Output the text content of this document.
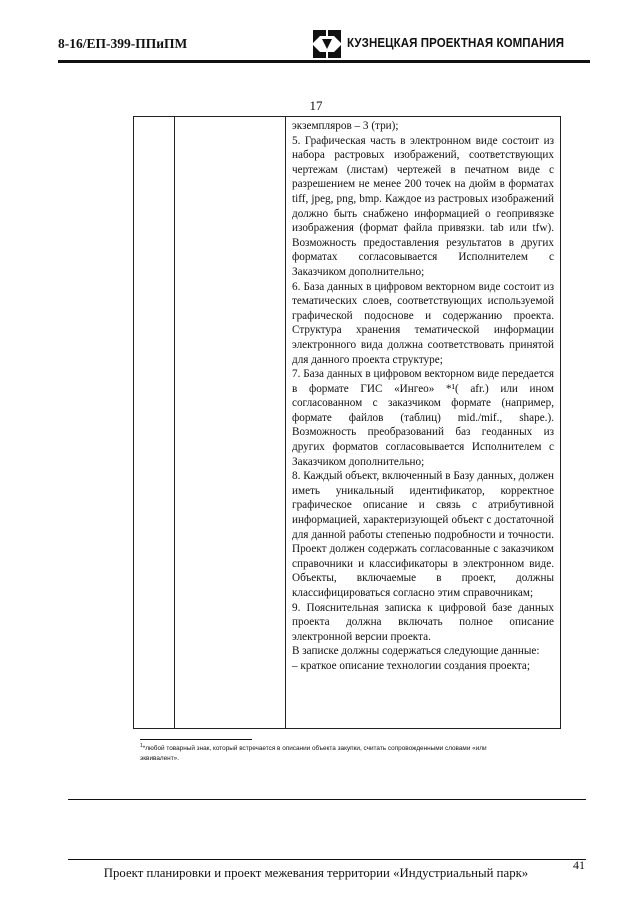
8-16/ЕП-399-ППиПМ	КУЗНЕЦКАЯ ПРОЕКТНАЯ КОМПАНИЯ
17

экземпляров – 3 (три);

5. Графическая часть в электронном виде состоит из набора растровых изображений, соответствующих чертежам (листам) чертежей в печатном виде с разрешением не менее 200 точек на дюйм в форматах tiff, jpeg, png, bmp. Каждое из растровых изображений должно быть снабжено информацией о геопривязке изображения (формат файла привязки. tab или tfw). Возможность предоставления результатов в других форматах согласовывается Исполнителем с Заказчиком дополнительно;

6. База данных в цифровом векторном виде состоит из тематических слоев, соответствующих используемой графической подоснове и содержанию проекта. Структура хранения тематической информации электронного вида должна соответствовать принятой для данного проекта структуре;

7. База данных в цифровом векторном виде передается в формате ГИС «Ингео» *¹( afr.) или ином согласованном с заказчиком формате (например, формате файлов (таблиц) mid./mif., shape.). Возможность преобразований баз геоданных из других форматов согласовывается Исполнителем с Заказчиком дополнительно;

8. Каждый объект, включенный в Базу данных, должен иметь уникальный идентификатор, корректное графическое описание и связь с атрибутивной информацией, характеризующей объект с достаточной для данной работы степенью подробности и точности. Проект должен содержать согласованные с заказчиком справочники и классификаторы в электронном виде. Объекты, включаемые в проект, должны классифицироваться согласно этим справочникам;

9. Пояснительная записка к цифровой базе данных проекта должна включать полное описание электронной версии проекта.

В записке должны содержаться следующие данные:

– краткое описание технологии создания проекта;

$^1$*любой товарный знак, который встречается в описании объекта закупки, считать сопровожденными словами «или эквивалент».
41
Проект планировки и проект межевания территории «Индустриальный парк»
